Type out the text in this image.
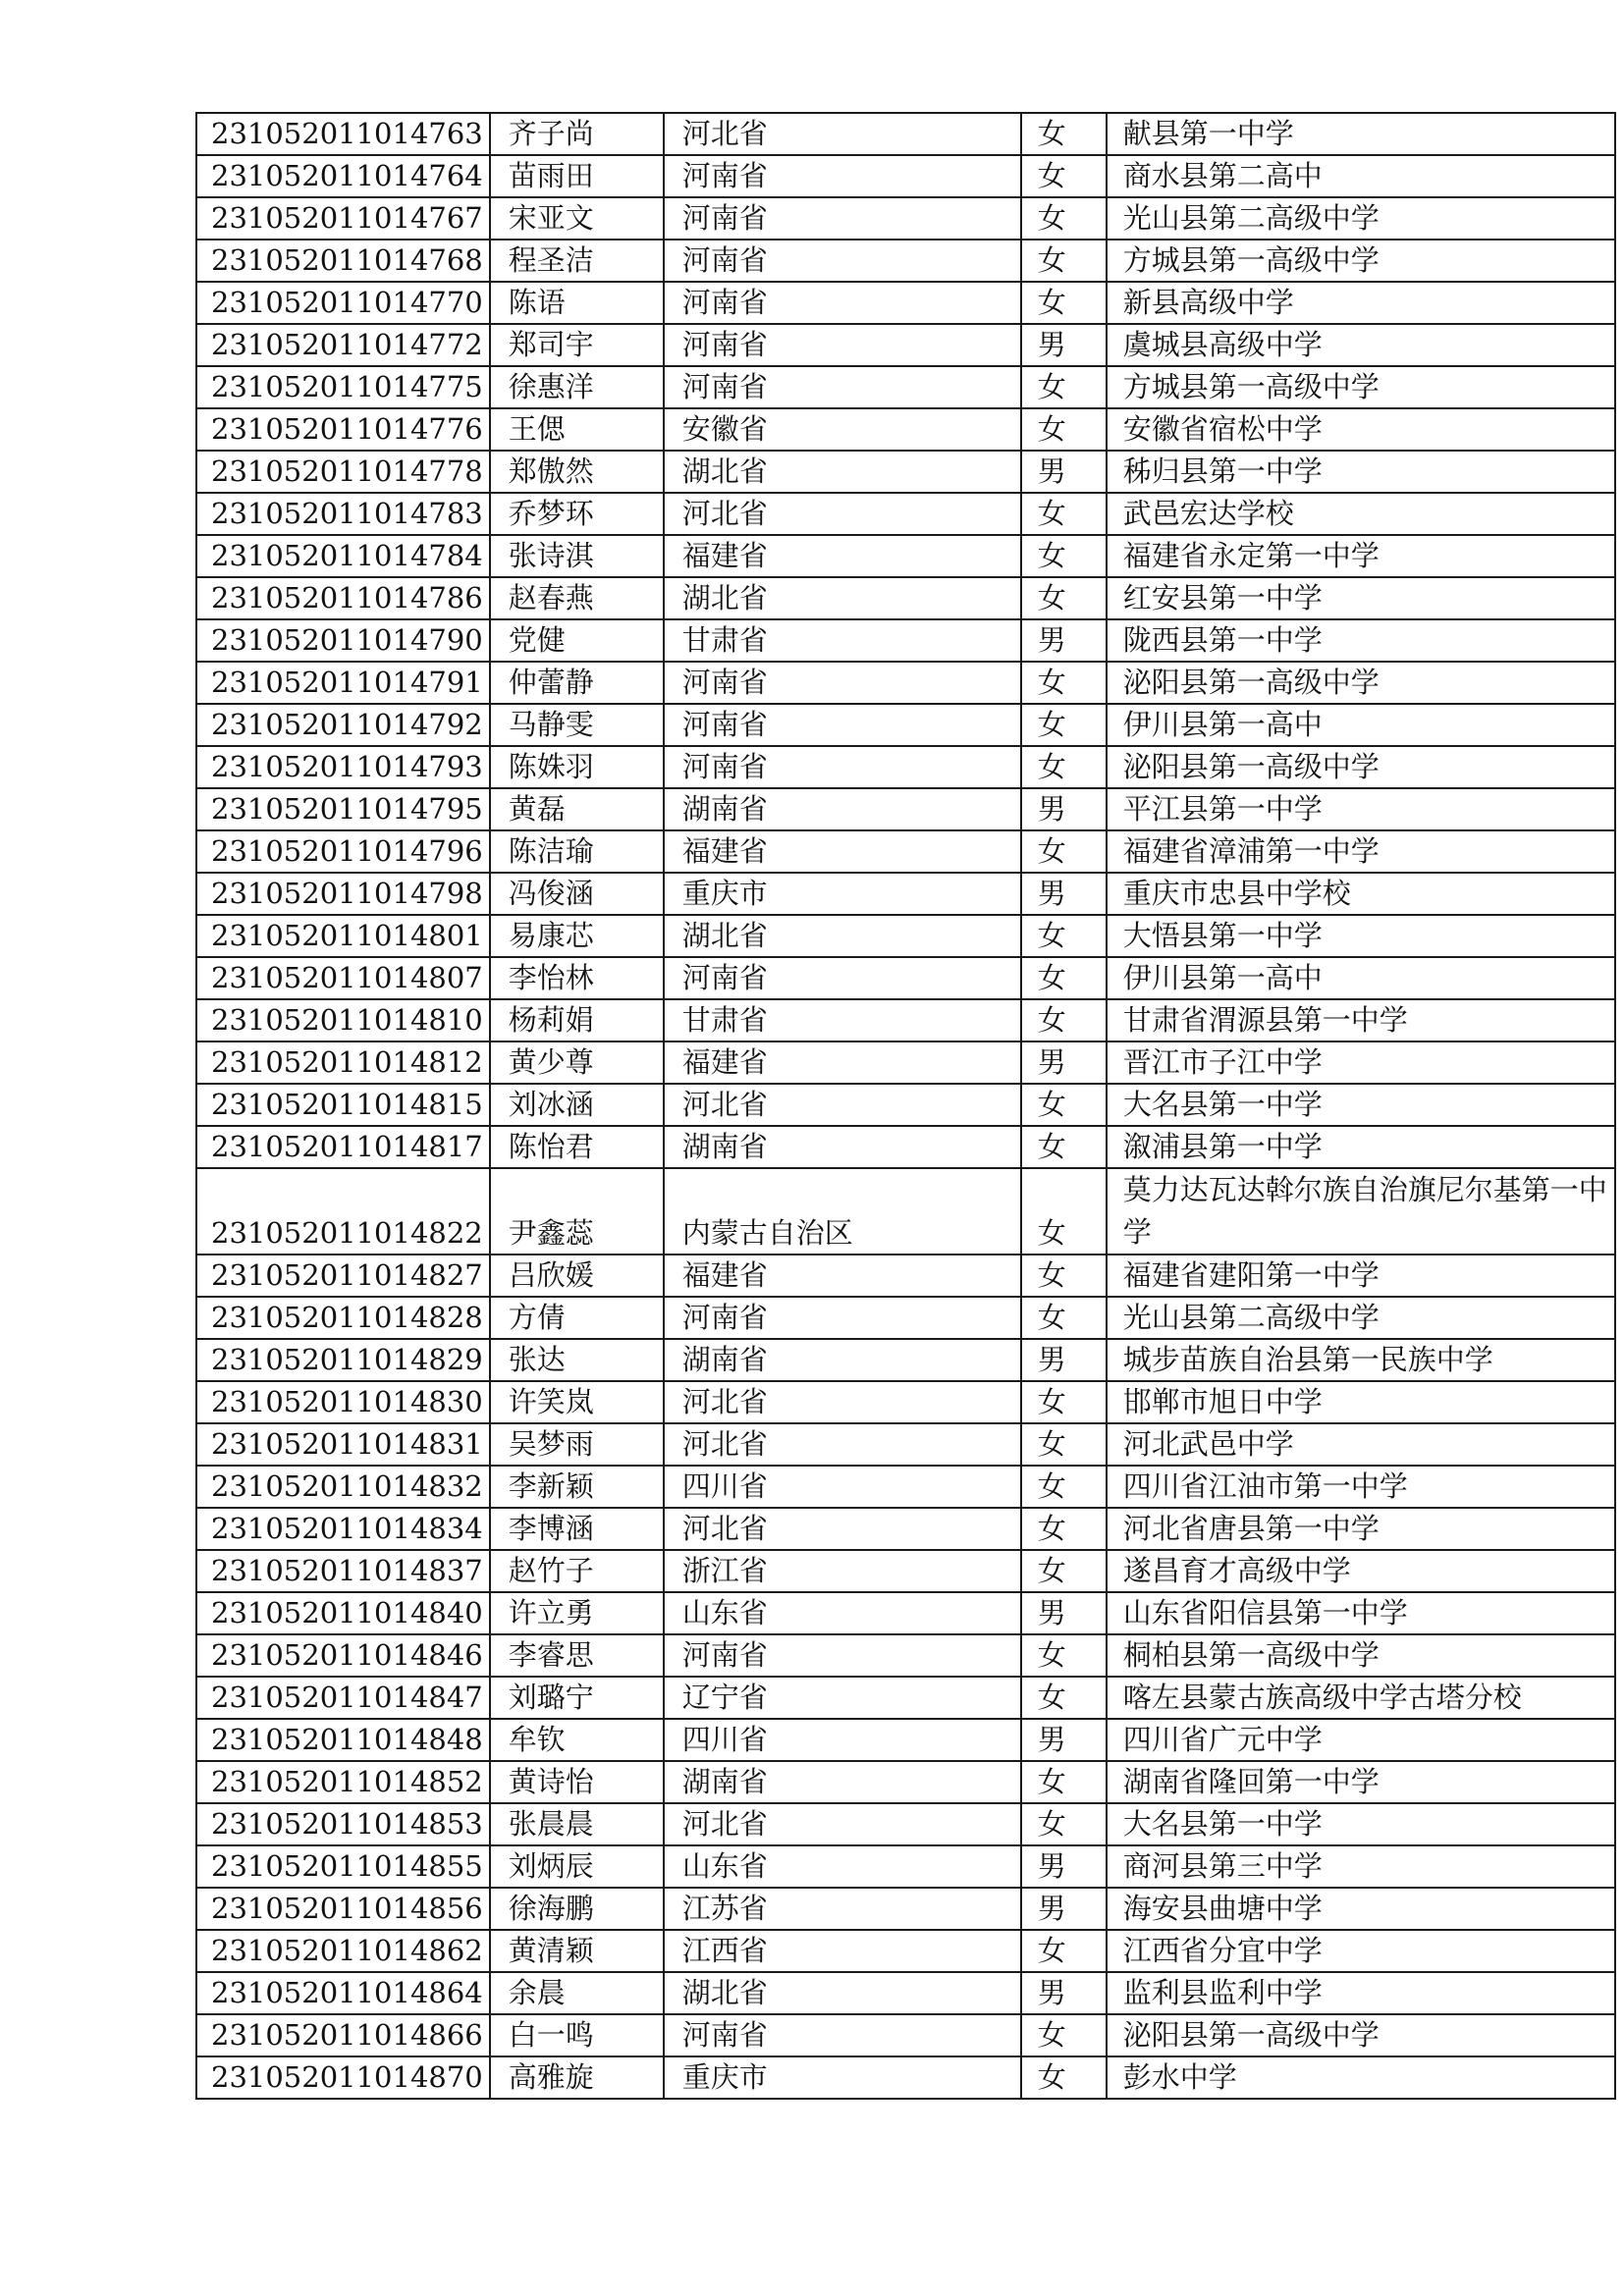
231052011014763	齐子尚	河北省	女	献县第一中学
231052011014764	苗雨田	河南省	女	商水县第二高中
231052011014767	宋亚文	河南省	女	光山县第二高级中学
231052011014768	程圣洁	河南省	女	方城县第一高级中学
231052011014770	陈语	河南省	女	新县高级中学
231052011014772	郑司宇	河南省	男	虞城县高级中学
231052011014775	徐惠洋	河南省	女	方城县第一高级中学
231052011014776	王偲	安徽省	女	安徽省宿松中学
231052011014778	郑傲然	湖北省	男	秭归县第一中学
231052011014783	乔梦环	河北省	女	武邑宏达学校
231052011014784	张诗淇	福建省	女	福建省永定第一中学
231052011014786	赵春燕	湖北省	女	红安县第一中学
231052011014790	党健	甘肃省	男	陇西县第一中学
231052011014791	仲蕾静	河南省	女	泌阳县第一高级中学
231052011014792	马静雯	河南省	女	伊川县第一高中
231052011014793	陈姝羽	河南省	女	泌阳县第一高级中学
231052011014795	黄磊	湖南省	男	平江县第一中学
231052011014796	陈洁瑜	福建省	女	福建省漳浦第一中学
231052011014798	冯俊涵	重庆市	男	重庆市忠县中学校
231052011014801	易康芯	湖北省	女	大悟县第一中学
231052011014807	李怡林	河南省	女	伊川县第一高中
231052011014810	杨莉娟	甘肃省	女	甘肃省渭源县第一中学
231052011014812	黄少尊	福建省	男	晋江市子江中学
231052011014815	刘冰涵	河北省	女	大名县第一中学
231052011014817	陈怡君	湖南省	女	溆浦县第一中学
231052011014822	尹鑫蕊	内蒙古自治区	女	莫力达瓦达斡尔族自治旗尼尔基第一中学
231052011014827	吕欣媛	福建省	女	福建省建阳第一中学
231052011014828	方倩	河南省	女	光山县第二高级中学
231052011014829	张达	湖南省	男	城步苗族自治县第一民族中学
231052011014830	许笑岚	河北省	女	邯郸市旭日中学
231052011014831	吴梦雨	河北省	女	河北武邑中学
231052011014832	李新颖	四川省	女	四川省江油市第一中学
231052011014834	李博涵	河北省	女	河北省唐县第一中学
231052011014837	赵竹子	浙江省	女	遂昌育才高级中学
231052011014840	许立勇	山东省	男	山东省阳信县第一中学
231052011014846	李睿思	河南省	女	桐柏县第一高级中学
231052011014847	刘璐宁	辽宁省	女	喀左县蒙古族高级中学古塔分校
231052011014848	牟钦	四川省	男	四川省广元中学
231052011014852	黄诗怡	湖南省	女	湖南省隆回第一中学
231052011014853	张晨晨	河北省	女	大名县第一中学
231052011014855	刘炳辰	山东省	男	商河县第三中学
231052011014856	徐海鹏	江苏省	男	海安县曲塘中学
231052011014862	黄清颖	江西省	女	江西省分宜中学
231052011014864	余晨	湖北省	男	监利县监利中学
231052011014866	白一鸣	河南省	女	泌阳县第一高级中学
231052011014870	高雅旋	重庆市	女	彭水中学
